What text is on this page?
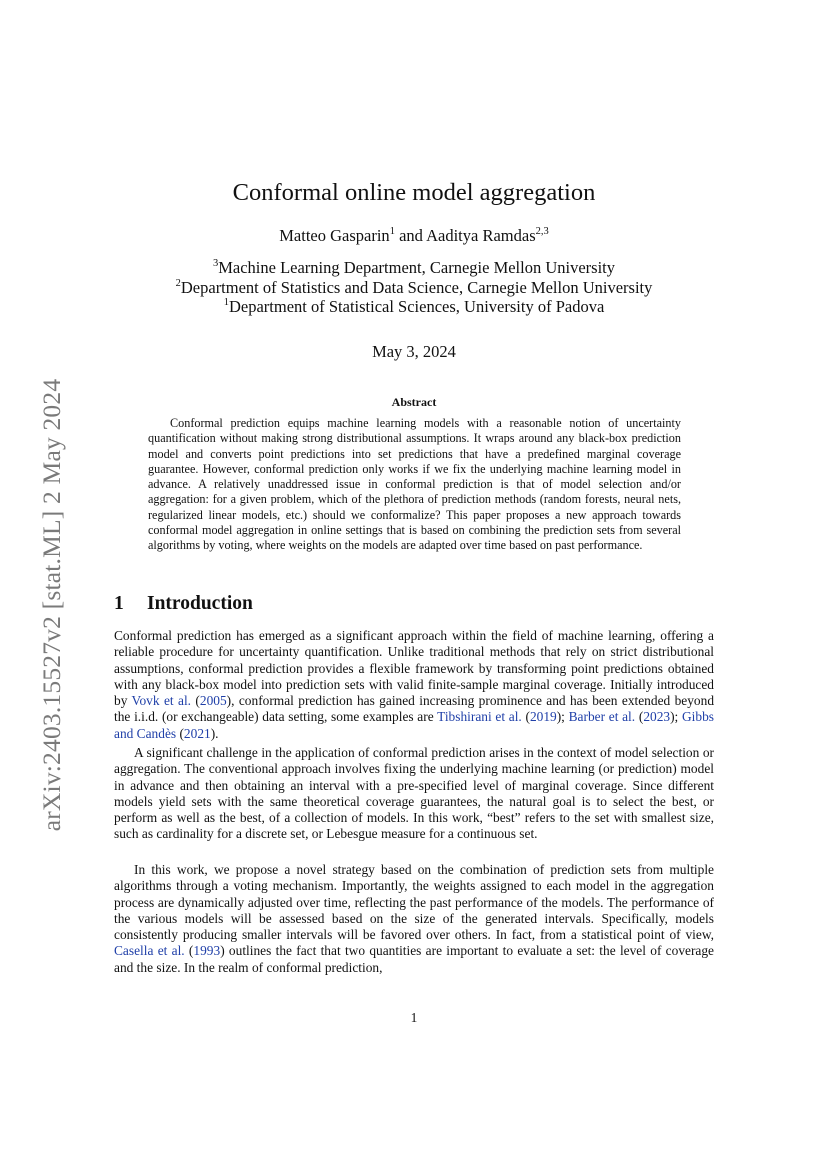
arXiv:2403.15527v2 [stat.ML] 2 May 2024
Conformal online model aggregation
Matteo Gasparin$^1$ and Aaditya Ramdas$^{2,3}$
$^3$Machine Learning Department, Carnegie Mellon University
$^2$Department of Statistics and Data Science, Carnegie Mellon University
$^1$Department of Statistical Sciences, University of Padova
May 3, 2024
Abstract
Conformal prediction equips machine learning models with a reasonable notion of uncertainty quantification without making strong distributional assumptions. It wraps around any black-box prediction model and converts point predictions into set predictions that have a predefined marginal coverage guarantee. However, conformal prediction only works if we fix the underlying machine learning model in advance. A relatively unaddressed issue in conformal prediction is that of model selection and/or aggregation: for a given problem, which of the plethora of prediction methods (random forests, neural nets, regularized linear models, etc.) should we conformalize? This paper proposes a new approach towards conformal model aggregation in online settings that is based on combining the prediction sets from several algorithms by voting, where weights on the models are adapted over time based on past performance.
1 Introduction

Conformal prediction has emerged as a significant approach within the field of machine learning, offering a reliable procedure for uncertainty quantification. Unlike traditional methods that rely on strict distributional assumptions, conformal prediction provides a flexible framework by transforming point predictions obtained with any black-box model into prediction sets with valid finite-sample marginal coverage. Initially introduced by Vovk et al. (2005), conformal prediction has gained increasing prominence and has been extended beyond the i.i.d. (or exchangeable) data setting, some examples are Tibshirani et al. (2019); Barber et al. (2023); Gibbs and Candès (2021).

A significant challenge in the application of conformal prediction arises in the context of model selection or aggregation. The conventional approach involves fixing the underlying machine learning (or prediction) model in advance and then obtaining an interval with a pre-specified level of marginal coverage. Since different models yield sets with the same theoretical coverage guarantees, the natural goal is to select the best, or perform as well as the best, of a collection of models. In this work, “best” refers to the set with smallest size, such as cardinality for a discrete set, or Lebesgue measure for a continuous set.

In this work, we propose a novel strategy based on the combination of prediction sets from multiple algorithms through a voting mechanism. Importantly, the weights assigned to each model in the aggregation process are dynamically adjusted over time, reflecting the past performance of the models. The performance of the various models will be assessed based on the size of the generated intervals. Specifically, models consistently producing smaller intervals will be favored over others. In fact, from a statistical point of view, Casella et al. (1993) outlines the fact that two quantities are important to evaluate a set: the level of coverage and the size. In the realm of conformal prediction,

1
